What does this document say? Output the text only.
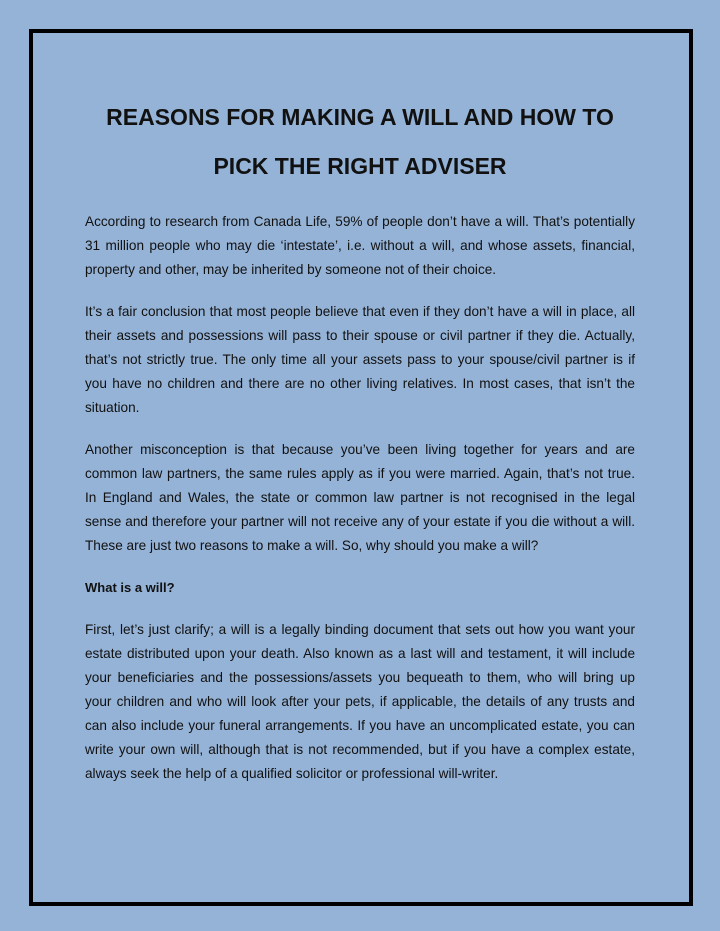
REASONS FOR MAKING A WILL AND HOW TO
PICK THE RIGHT ADVISER

According to research from Canada Life, 59% of people don’t have a will. That’s potentially 31 million people who may die ‘intestate’, i.e. without a will, and whose assets, financial, property and other, may be inherited by someone not of their choice.

It’s a fair conclusion that most people believe that even if they don’t have a will in place, all their assets and possessions will pass to their spouse or civil partner if they die. Actually, that’s not strictly true. The only time all your assets pass to your spouse/civil partner is if you have no children and there are no other living relatives. In most cases, that isn’t the situation.

Another misconception is that because you’ve been living together for years and are common law partners, the same rules apply as if you were married. Again, that’s not true. In England and Wales, the state or common law partner is not recognised in the legal sense and therefore your partner will not receive any of your estate if you die without a will. These are just two reasons to make a will. So, why should you make a will?

What is a will?

First, let’s just clarify; a will is a legally binding document that sets out how you want your estate distributed upon your death. Also known as a last will and testament, it will include your beneficiaries and the possessions/assets you bequeath to them, who will bring up your children and who will look after your pets, if applicable, the details of any trusts and can also include your funeral arrangements. If you have an uncomplicated estate, you can write your own will, although that is not recommended, but if you have a complex estate, always seek the help of a qualified solicitor or professional will-writer.
